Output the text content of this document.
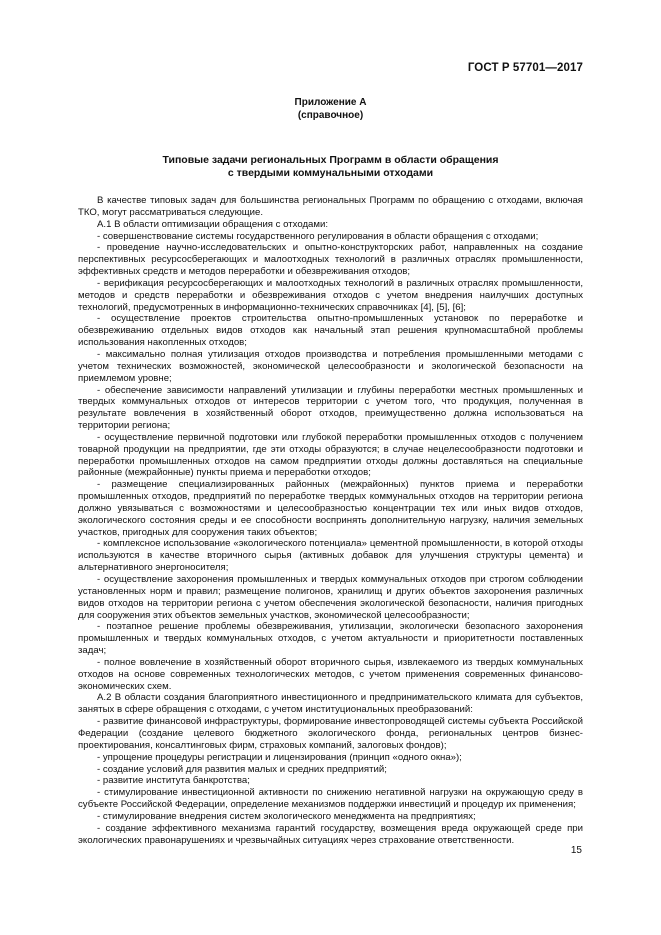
ГОСТ Р 57701—2017
Приложение А
(справочное)
Типовые задачи региональных Программ в области обращения
с твердыми коммунальными отходами

В качестве типовых задач для большинства региональных Программ по обращению с отходами, включая ТКО, могут рассматриваться следующие.

А.1 В области оптимизации обращения с отходами:

- совершенствование системы государственного регулирования в области обращения с отходами;

- проведение научно-исследовательских и опытно-конструкторских работ, направленных на создание перспективных ресурсосберегающих и малоотходных технологий в различных отраслях промышленности, эффективных средств и методов переработки и обезвреживания отходов;

- верификация ресурсосберегающих и малоотходных технологий в различных отраслях промышленности, методов и средств переработки и обезвреживания отходов с учетом внедрения наилучших доступных технологий, предусмотренных в информационно-технических справочниках [4], [5], [6];

- осуществление проектов строительства опытно-промышленных установок по переработке и обезвреживанию отдельных видов отходов как начальный этап решения крупномасштабной проблемы использования накопленных отходов;

- максимально полная утилизация отходов производства и потребления промышленными методами с учетом технических возможностей, экономической целесообразности и экологической безопасности на приемлемом уровне;

- обеспечение зависимости направлений утилизации и глубины переработки местных промышленных и твердых коммунальных отходов от интересов территории с учетом того, что продукция, полученная в результате вовлечения в хозяйственный оборот отходов, преимущественно должна использоваться на территории региона;

- осуществление первичной подготовки или глубокой переработки промышленных отходов с получением товарной продукции на предприятии, где эти отходы образуются; в случае нецелесообразности подготовки и переработки промышленных отходов на самом предприятии отходы должны доставляться на специальные районные (межрайонные) пункты приема и переработки отходов;

- размещение специализированных районных (межрайонных) пунктов приема и переработки промышленных отходов, предприятий по переработке твердых коммунальных отходов на территории региона должно увязываться с возможностями и целесообразностью концентрации тех или иных видов отходов, экологического состояния среды и ее способности воспринять дополнительную нагрузку, наличия земельных участков, пригодных для сооружения таких объектов;

- комплексное использование «экологического потенциала» цементной промышленности, в которой отходы используются в качестве вторичного сырья (активных добавок для улучшения структуры цемента) и альтернативного энергоносителя;

- осуществление захоронения промышленных и твердых коммунальных отходов при строгом соблюдении установленных норм и правил; размещение полигонов, хранилищ и других объектов захоронения различных видов отходов на территории региона с учетом обеспечения экологической безопасности, наличия пригодных для сооружения этих объектов земельных участков, экономической целесообразности;

- поэтапное решение проблемы обезвреживания, утилизации, экологически безопасного захоронения промышленных и твердых коммунальных отходов, с учетом актуальности и приоритетности поставленных задач;

- полное вовлечение в хозяйственный оборот вторичного сырья, извлекаемого из твердых коммунальных отходов на основе современных технологических методов, с учетом применения современных финансово-экономических схем.

А.2 В области создания благоприятного инвестиционного и предпринимательского климата для субъектов, занятых в сфере обращения с отходами, с учетом институциональных преобразований:

- развитие финансовой инфраструктуры, формирование инвестопроводящей системы субъекта Российской Федерации (создание целевого бюджетного экологического фонда, региональных центров бизнес-проектирования, консалтинговых фирм, страховых компаний, залоговых фондов);

- упрощение процедуры регистрации и лицензирования (принцип «одного окна»);

- создание условий для развития малых и средних предприятий;

- развитие института банкротства;

- стимулирование инвестиционной активности по снижению негативной нагрузки на окружающую среду в субъекте Российской Федерации, определение механизмов поддержки инвестиций и процедур их применения;

- стимулирование внедрения систем экологического менеджмента на предприятиях;

- создание эффективного механизма гарантий государству, возмещения вреда окружающей среде при экологических правонарушениях и чрезвычайных ситуациях через страхование ответственности.

15
